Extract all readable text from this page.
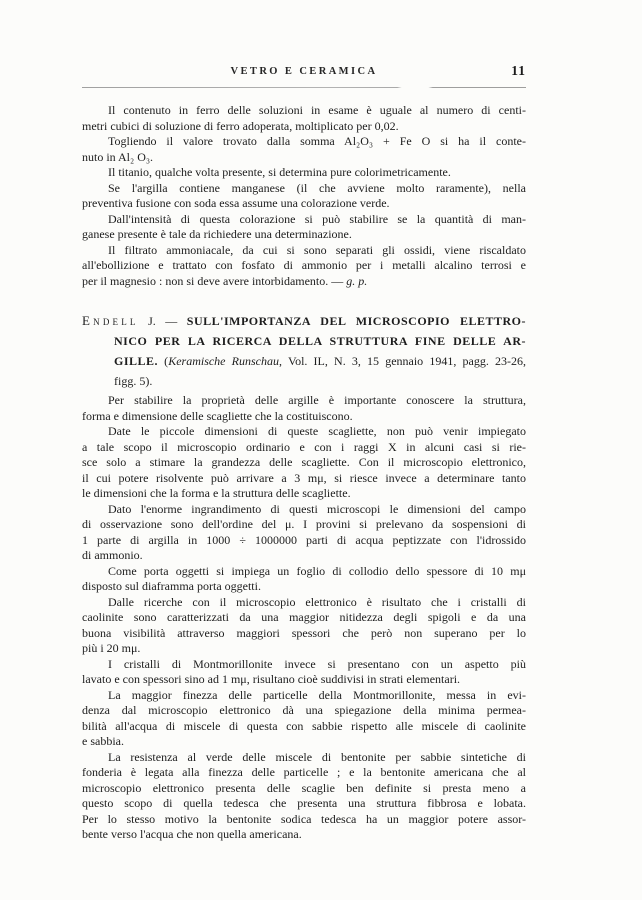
VETRO E CERAMICA	11
Il contenuto in ferro delle soluzioni in esame è uguale al numero di centi-
metri cubici di soluzione di ferro adoperata, moltiplicato per 0,02.
Togliendo il valore trovato dalla somma Al₂O₃ + Fe O si ha il conte-
nuto in Al₂ O₃.
Il titanio, qualche volta presente, si determina pure colorimetricamente.
Se l'argilla contiene manganese (il che avviene molto raramente), nella
preventiva fusione con soda essa assume una colorazione verde.
Dall'intensità di questa colorazione si può stabilire se la quantità di man-
ganese presente è tale da richiedere una determinazione.
Il filtrato ammoniacale, da cui si sono separati gli ossidi, viene riscaldato
all'ebollizione e trattato con fosfato di ammonio per i metalli alcalino terrosi e
per il magnesio : non si deve avere intorbidamento. — g. p.
Endell J. — SULL'IMPORTANZA DEL MICROSCOPIO ELETTRO-
NICO PER LA RICERCA DELLA STRUTTURA FINE DELLE AR-
GILLE. (Keramische Runschau, Vol. IL, N. 3, 15 gennaio 1941, pagg. 23-26,
figg. 5).
Per stabilire la proprietà delle argille è importante conoscere la struttura,
forma e dimensione delle scagliette che la costituiscono.
Date le piccole dimensioni di queste scagliette, non può venir impiegato
a tale scopo il microscopio ordinario e con i raggi X in alcuni casi si rie-
sce solo a stimare la grandezza delle scagliette. Con il microscopio elettronico,
il cui potere risolvente può arrivare a 3 mμ, si riesce invece a determinare tanto
le dimensioni che la forma e la struttura delle scagliette.
Dato l'enorme ingrandimento di questi microscopi le dimensioni del campo
di osservazione sono dell'ordine del μ. I provini si prelevano da sospensioni di
1 parte di argilla in 1000 ÷ 1000000 parti di acqua peptizzate con l'idrossido
di ammonio.
Come porta oggetti si impiega un foglio di collodio dello spessore di 10 mμ
disposto sul diaframma porta oggetti.
Dalle ricerche con il microscopio elettronico è risultato che i cristalli di
caolinite sono caratterizzati da una maggior nitidezza degli spigoli e da una
buona visibilità attraverso maggiori spessori che però non superano per lo
più i 20 mμ.
I cristalli di Montmorillonite invece si presentano con un aspetto più
lavato e con spessori sino ad 1 mμ, risultano cioè suddivisi in strati elementari.
La maggior finezza delle particelle della Montmorillonite, messa in evi-
denza dal microscopio elettronico dà una spiegazione della minima permea-
bilità all'acqua di miscele di questa con sabbie rispetto alle miscele di caolinite
e sabbia.
La resistenza al verde delle miscele di bentonite per sabbie sintetiche di
fonderia è legata alla finezza delle particelle ; e la bentonite americana che al
microscopio elettronico presenta delle scaglie ben definite si presta meno a
questo scopo di quella tedesca che presenta una struttura fibbrosa e lobata.
Per lo stesso motivo la bentonite sodica tedesca ha un maggior potere assor-
bente verso l'acqua che non quella americana.
